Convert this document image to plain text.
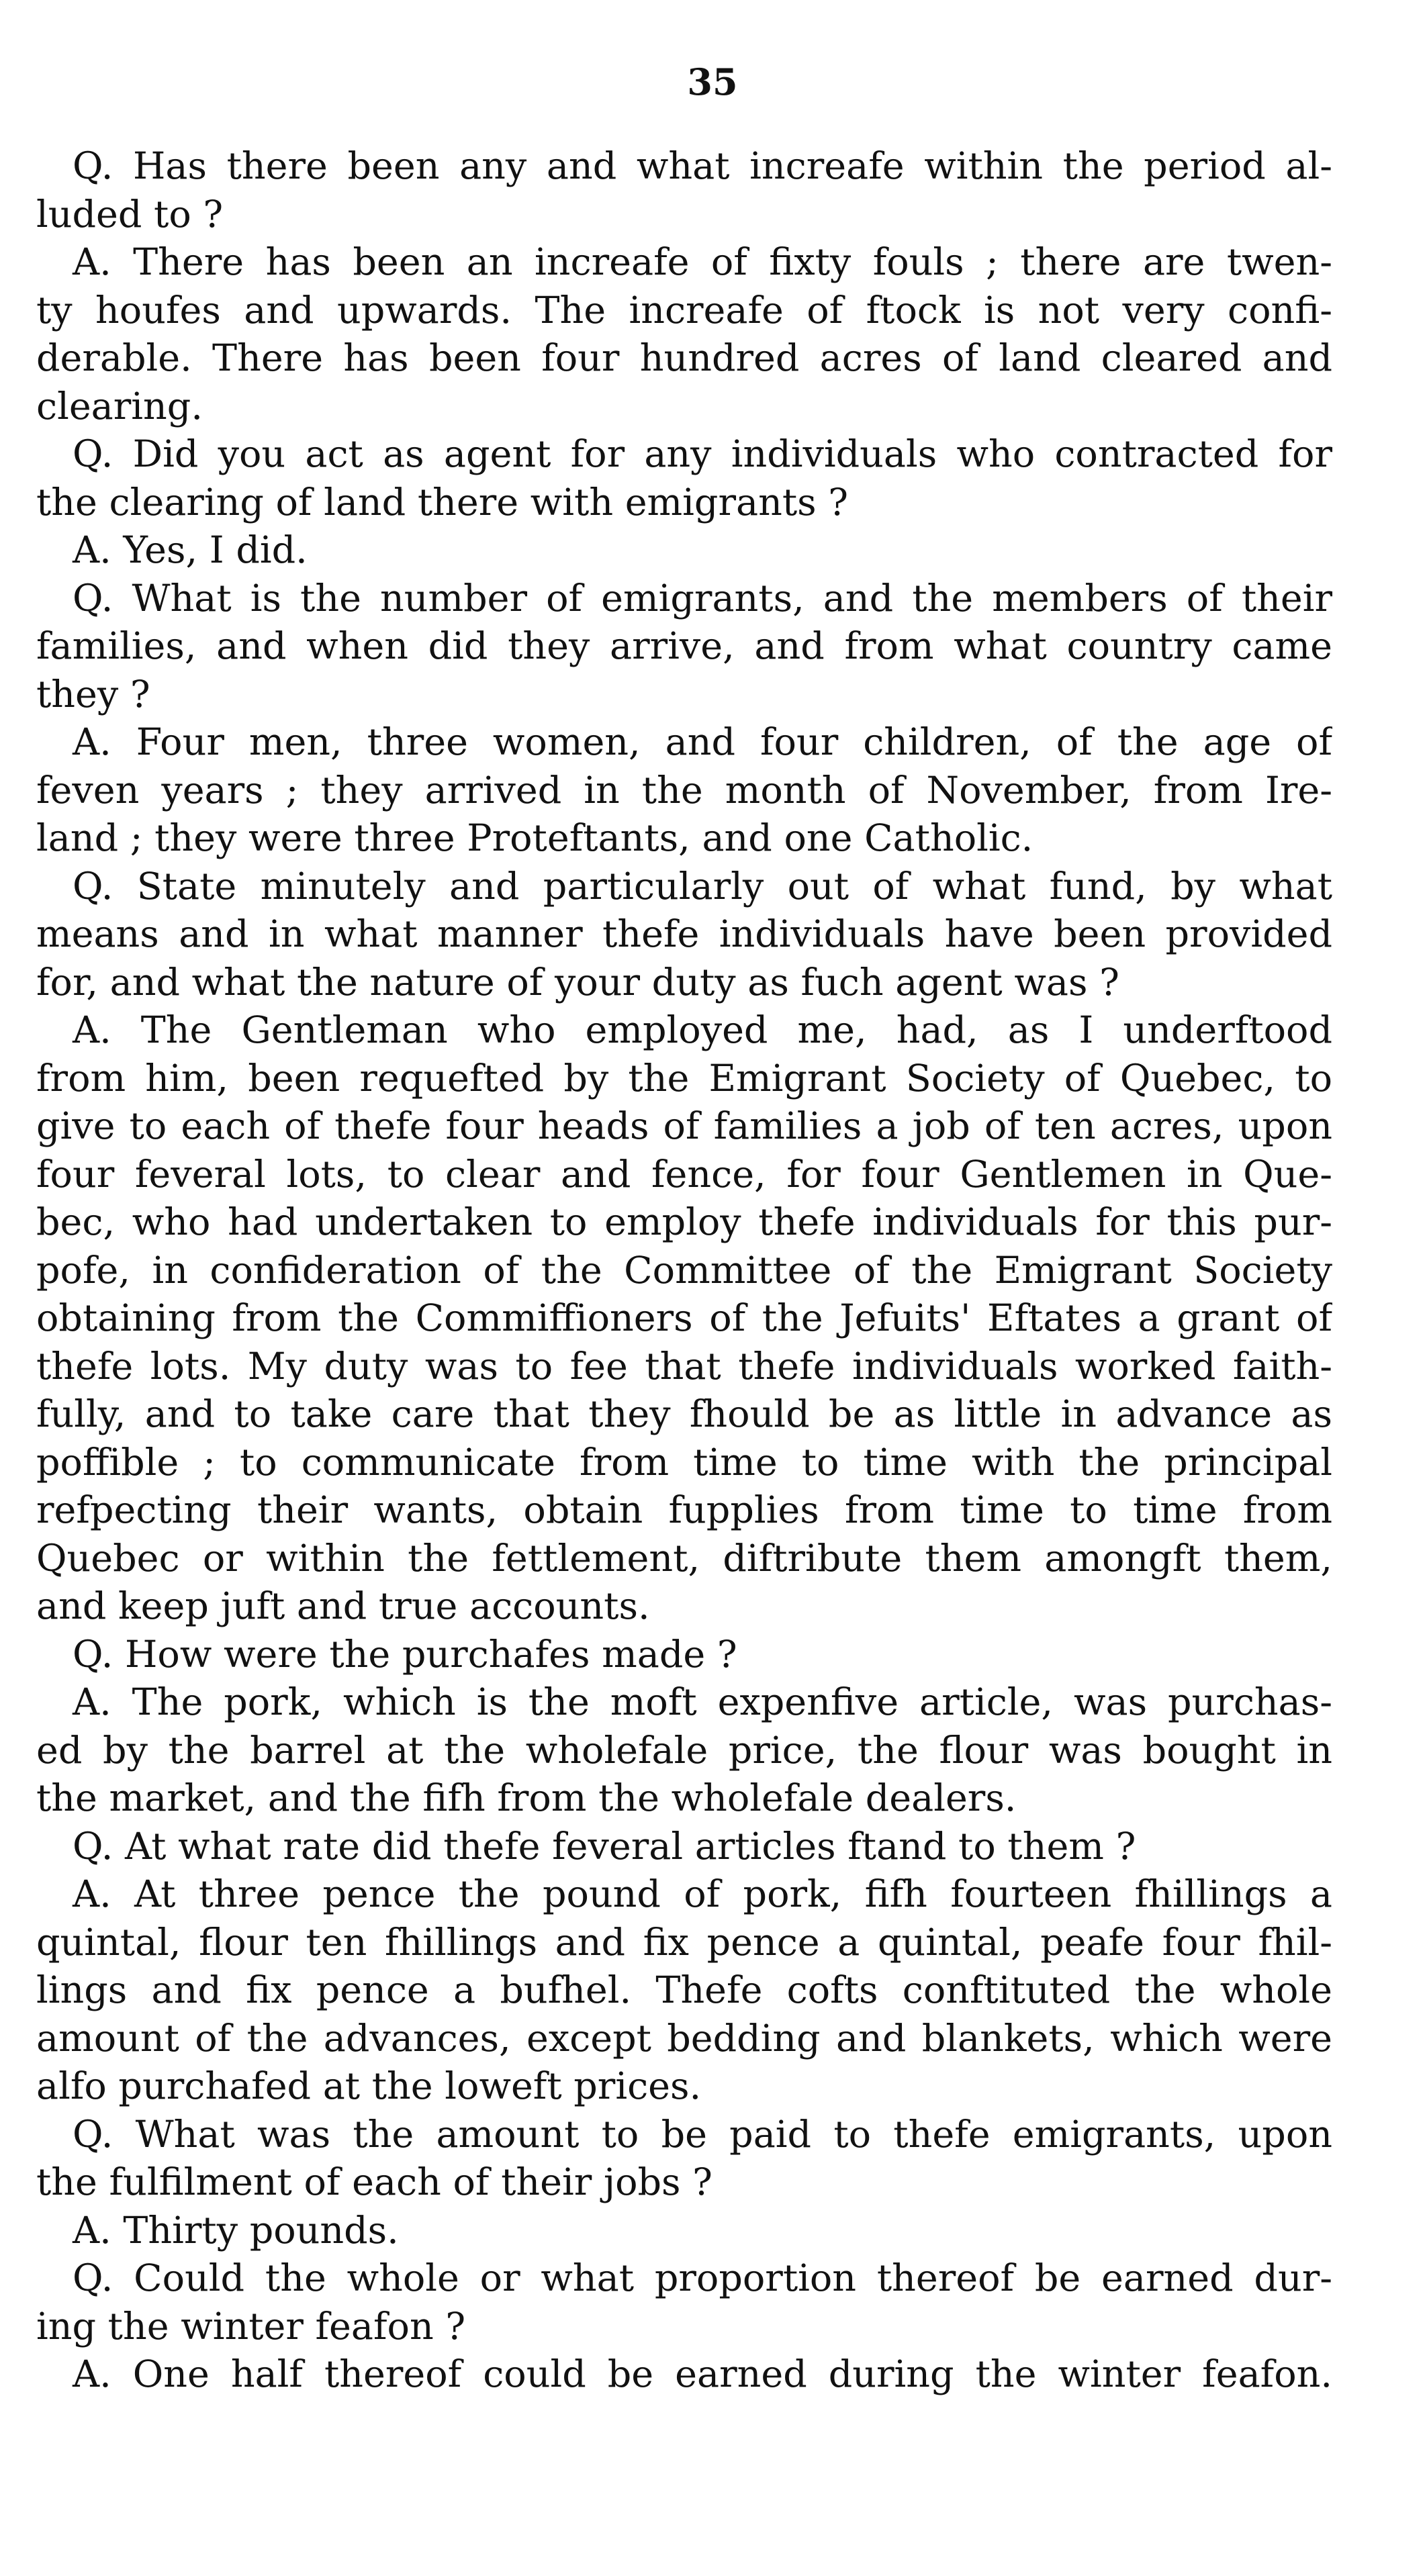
35
Q. Has there been any and what increafe within the period al-
luded to ?
A. There has been an increafe of fixty fouls ; there are twen-
ty houfes and upwards. The increafe of ftock is not very confi-
derable. There has been four hundred acres of land cleared and
clearing.
Q. Did you act as agent for any individuals who contracted for
the clearing of land there with emigrants ?
A. Yes, I did.
Q. What is the number of emigrants, and the members of their
families, and when did they arrive, and from what country came
they ?
A. Four men, three women, and four children, of the age of
feven years ; they arrived in the month of November, from Ire-
land ; they were three Proteftants, and one Catholic.
Q. State minutely and particularly out of what fund, by what
means and in what manner thefe individuals have been provided
for, and what the nature of your duty as fuch agent was ?
A. The Gentleman who employed me, had, as I underftood
from him, been requefted by the Emigrant Society of Quebec, to
give to each of thefe four heads of families a job of ten acres, upon
four feveral lots, to clear and fence, for four Gentlemen in Que-
bec, who had undertaken to employ thefe individuals for this pur-
pofe, in confideration of the Committee of the Emigrant Society
obtaining from the Commiffioners of the Jefuits' Eftates a grant of
thefe lots. My duty was to fee that thefe individuals worked faith-
fully, and to take care that they fhould be as little in advance as
poffible ; to communicate from time to time with the principal
refpecting their wants, obtain fupplies from time to time from
Quebec or within the fettlement, diftribute them amongft them,
and keep juft and true accounts.
Q. How were the purchafes made ?
A. The pork, which is the moft expenfive article, was purchas-
ed by the barrel at the wholefale price, the flour was bought in
the market, and the fifh from the wholefale dealers.
Q. At what rate did thefe feveral articles ftand to them ?
A. At three pence the pound of pork, fifh fourteen fhillings a
quintal, flour ten fhillings and fix pence a quintal, peafe four fhil-
lings and fix pence a bufhel. Thefe cofts conftituted the whole
amount of the advances, except bedding and blankets, which were
alfo purchafed at the loweft prices.
Q. What was the amount to be paid to thefe emigrants, upon
the fulfilment of each of their jobs ?
A. Thirty pounds.
Q. Could the whole or what proportion thereof be earned dur-
ing the winter feafon ?
A. One half thereof could be earned during the winter feafon.
